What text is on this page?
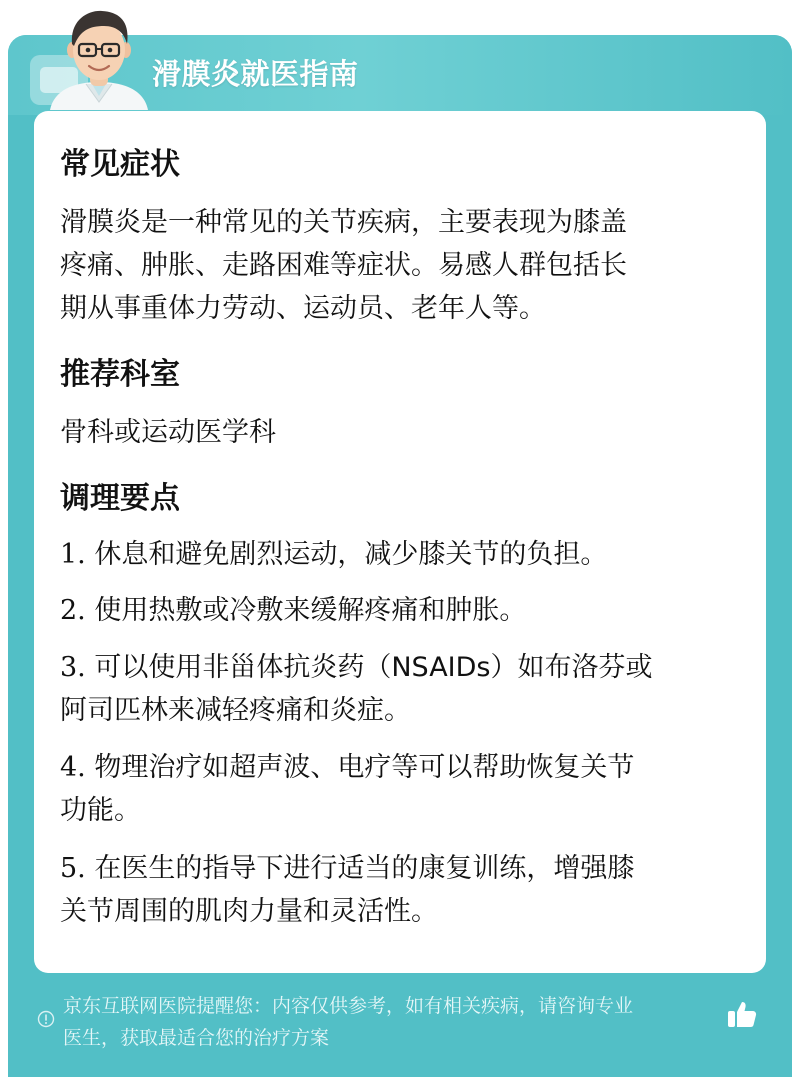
滑膜炎就医指南
常见症状
滑膜炎是一种常见的关节疾病，主要表现为膝盖
疼痛、肿胀、走路困难等症状。易感人群包括长
期从事重体力劳动、运动员、老年人等。
推荐科室
骨科或运动医学科
调理要点
1. 休息和避免剧烈运动，减少膝关节的负担。
2. 使用热敷或冷敷来缓解疼痛和肿胀。
3. 可以使用非甾体抗炎药（NSAIDs）如布洛芬或
阿司匹林来减轻疼痛和炎症。
4. 物理治疗如超声波、电疗等可以帮助恢复关节
功能。
5. 在医生的指导下进行适当的康复训练，增强膝
关节周围的肌肉力量和灵活性。
京东互联网医院提醒您：内容仅供参考，如有相关疾病，请咨询专业
医生，获取最适合您的治疗方案
